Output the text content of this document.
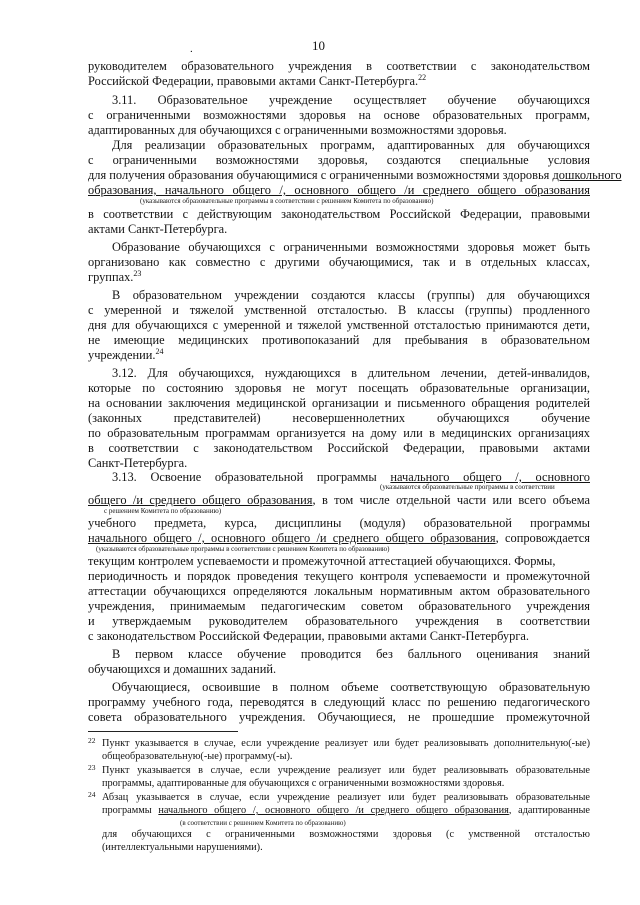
10
.
руководителем образовательного учреждения в соответствии с законодательством
Российской Федерации, правовыми актами Санкт-Петербурга.$^{22}$
3.11. Образовательное учреждение осуществляет обучение обучающихся
с ограниченными возможностями здоровья на основе образовательных программ,
адаптированных для обучающихся с ограниченными возможностями здоровья.
Для реализации образовательных программ, адаптированных для обучающихся
с ограниченными возможностями здоровья, создаются специальные условия
для получения образования обучающимися с ограниченными возможностями здоровья дошкольного
образования, начального общего /, основного общего /и среднего общего образования
(указываются образовательные программы в соответствии с решением Комитета по образованию)
в соответствии с действующим законодательством Российской Федерации, правовыми
актами Санкт-Петербурга.
Образование обучающихся с ограниченными возможностями здоровья может быть
организовано как совместно с другими обучающимися, так и в отдельных классах,
группах.$^{23}$
В образовательном учреждении создаются классы (группы) для обучающихся
с умеренной и тяжелой умственной отсталостью. В классы (группы) продленного
дня для обучающихся с умеренной и тяжелой умственной отсталостью принимаются дети,
не имеющие медицинских противопоказаний для пребывания в образовательном
учреждении.$^{24}$
3.12. Для обучающихся, нуждающихся в длительном лечении, детей-инвалидов,
которые по состоянию здоровья не могут посещать образовательные организации,
на основании заключения медицинской организации и письменного обращения родителей
(законных представителей) несовершеннолетних обучающихся обучение
по образовательным программам организуется на дому или в медицинских организациях
в соответствии с законодательством Российской Федерации, правовыми актами
Санкт-Петербурга.
3.13. Освоение образовательной программы начального общего /, основного
(указываются образовательные программы в соответствии
общего /и среднего общего образования, в том числе отдельной части или всего объема
с решением Комитета по образованию)
учебного предмета, курса, дисциплины (модуля) образовательной программы
начального общего /, основного общего /и среднего общего образования, сопровождается
(указываются образовательные программы в соответствии с решением Комитета по образованию)
текущим контролем успеваемости и промежуточной аттестацией обучающихся. Формы,
периодичность и порядок проведения текущего контроля успеваемости и промежуточной
аттестации обучающихся определяются локальным нормативным актом образовательного
учреждения, принимаемым педагогическим советом образовательного учреждения
и утверждаемым руководителем образовательного учреждения в соответствии
с законодательством Российской Федерации, правовыми актами Санкт-Петербурга.
В первом классе обучение проводится без балльного оценивания знаний
обучающихся и домашних заданий.
Обучающиеся, освоившие в полном объеме соответствующую образовательную
программу учебного года, переводятся в следующий класс по решению педагогического
совета образовательного учреждения. Обучающиеся, не прошедшие промежуточной
22 Пункт указывается в случае, если учреждение реализует или будет реализовывать дополнительную(-ые)
общеобразовательную(-ые) программу(-ы).
23 Пункт указывается в случае, если учреждение реализует или будет реализовывать образовательные
программы, адаптированные для обучающихся с ограниченными возможностями здоровья.
24 Абзац указывается в случае, если учреждение реализует или будет реализовывать образовательные
программы начального общего /, основного общего /и среднего общего образования, адаптированные
(в соответствии с решением Комитета по образованию)
для обучающихся с ограниченными возможностями здоровья (с умственной отсталостью
(интеллектуальными нарушениями).
